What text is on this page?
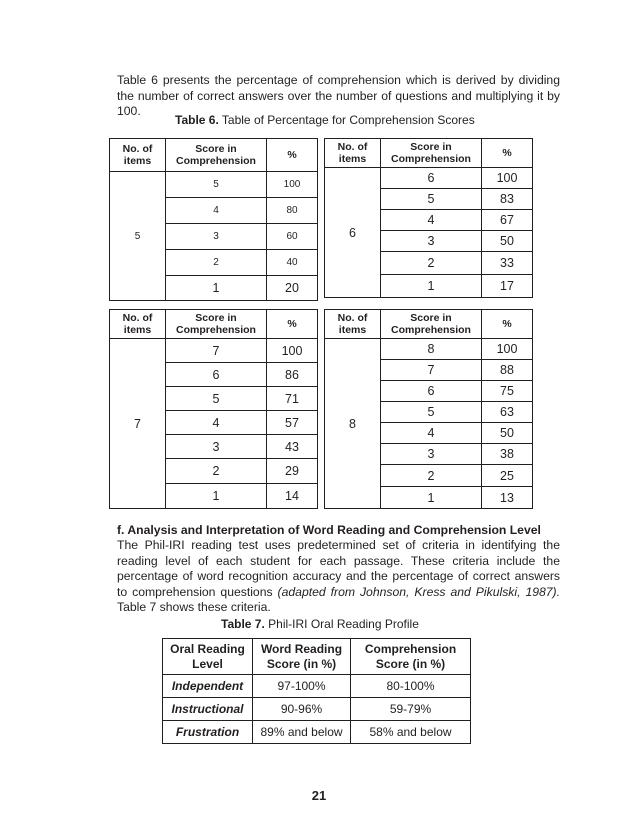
Table 6 presents the percentage of comprehension which is derived by dividing the number of correct answers over the number of questions and multiplying it by 100.

Table 6. Table of Percentage for Comprehension Scores
No. of items	Score in Comprehension	%
5	5	100
	4	80
	3	60
	2	40
	1	20
No. of items	Score in Comprehension	%
6	6	100
	5	83
	4	67
	3	50
	2	33
	1	17
No. of items	Score in Comprehension	%
7	7	100
	6	86
	5	71
	4	57
	3	43
	2	29
	1	14
No. of items	Score in Comprehension	%
8	8	100
	7	88
	6	75
	5	63
	4	50
	3	38
	2	25
	1	13
f. Analysis and Interpretation of Word Reading and Comprehension Level

The Phil-IRI reading test uses predetermined set of criteria in identifying the reading level of each student for each passage. These criteria include the percentage of word recognition accuracy and the percentage of correct answers to comprehension questions (adapted from Johnson, Kress and Pikulski, 1987). Table 7 shows these criteria.

Table 7. Phil-IRI Oral Reading Profile
Oral Reading Level	Word Reading Score (in %)	Comprehension Score (in %)
Independent	97-100%	80-100%
Instructional	90-96%	59-79%
Frustration	89% and below	58% and below
21
